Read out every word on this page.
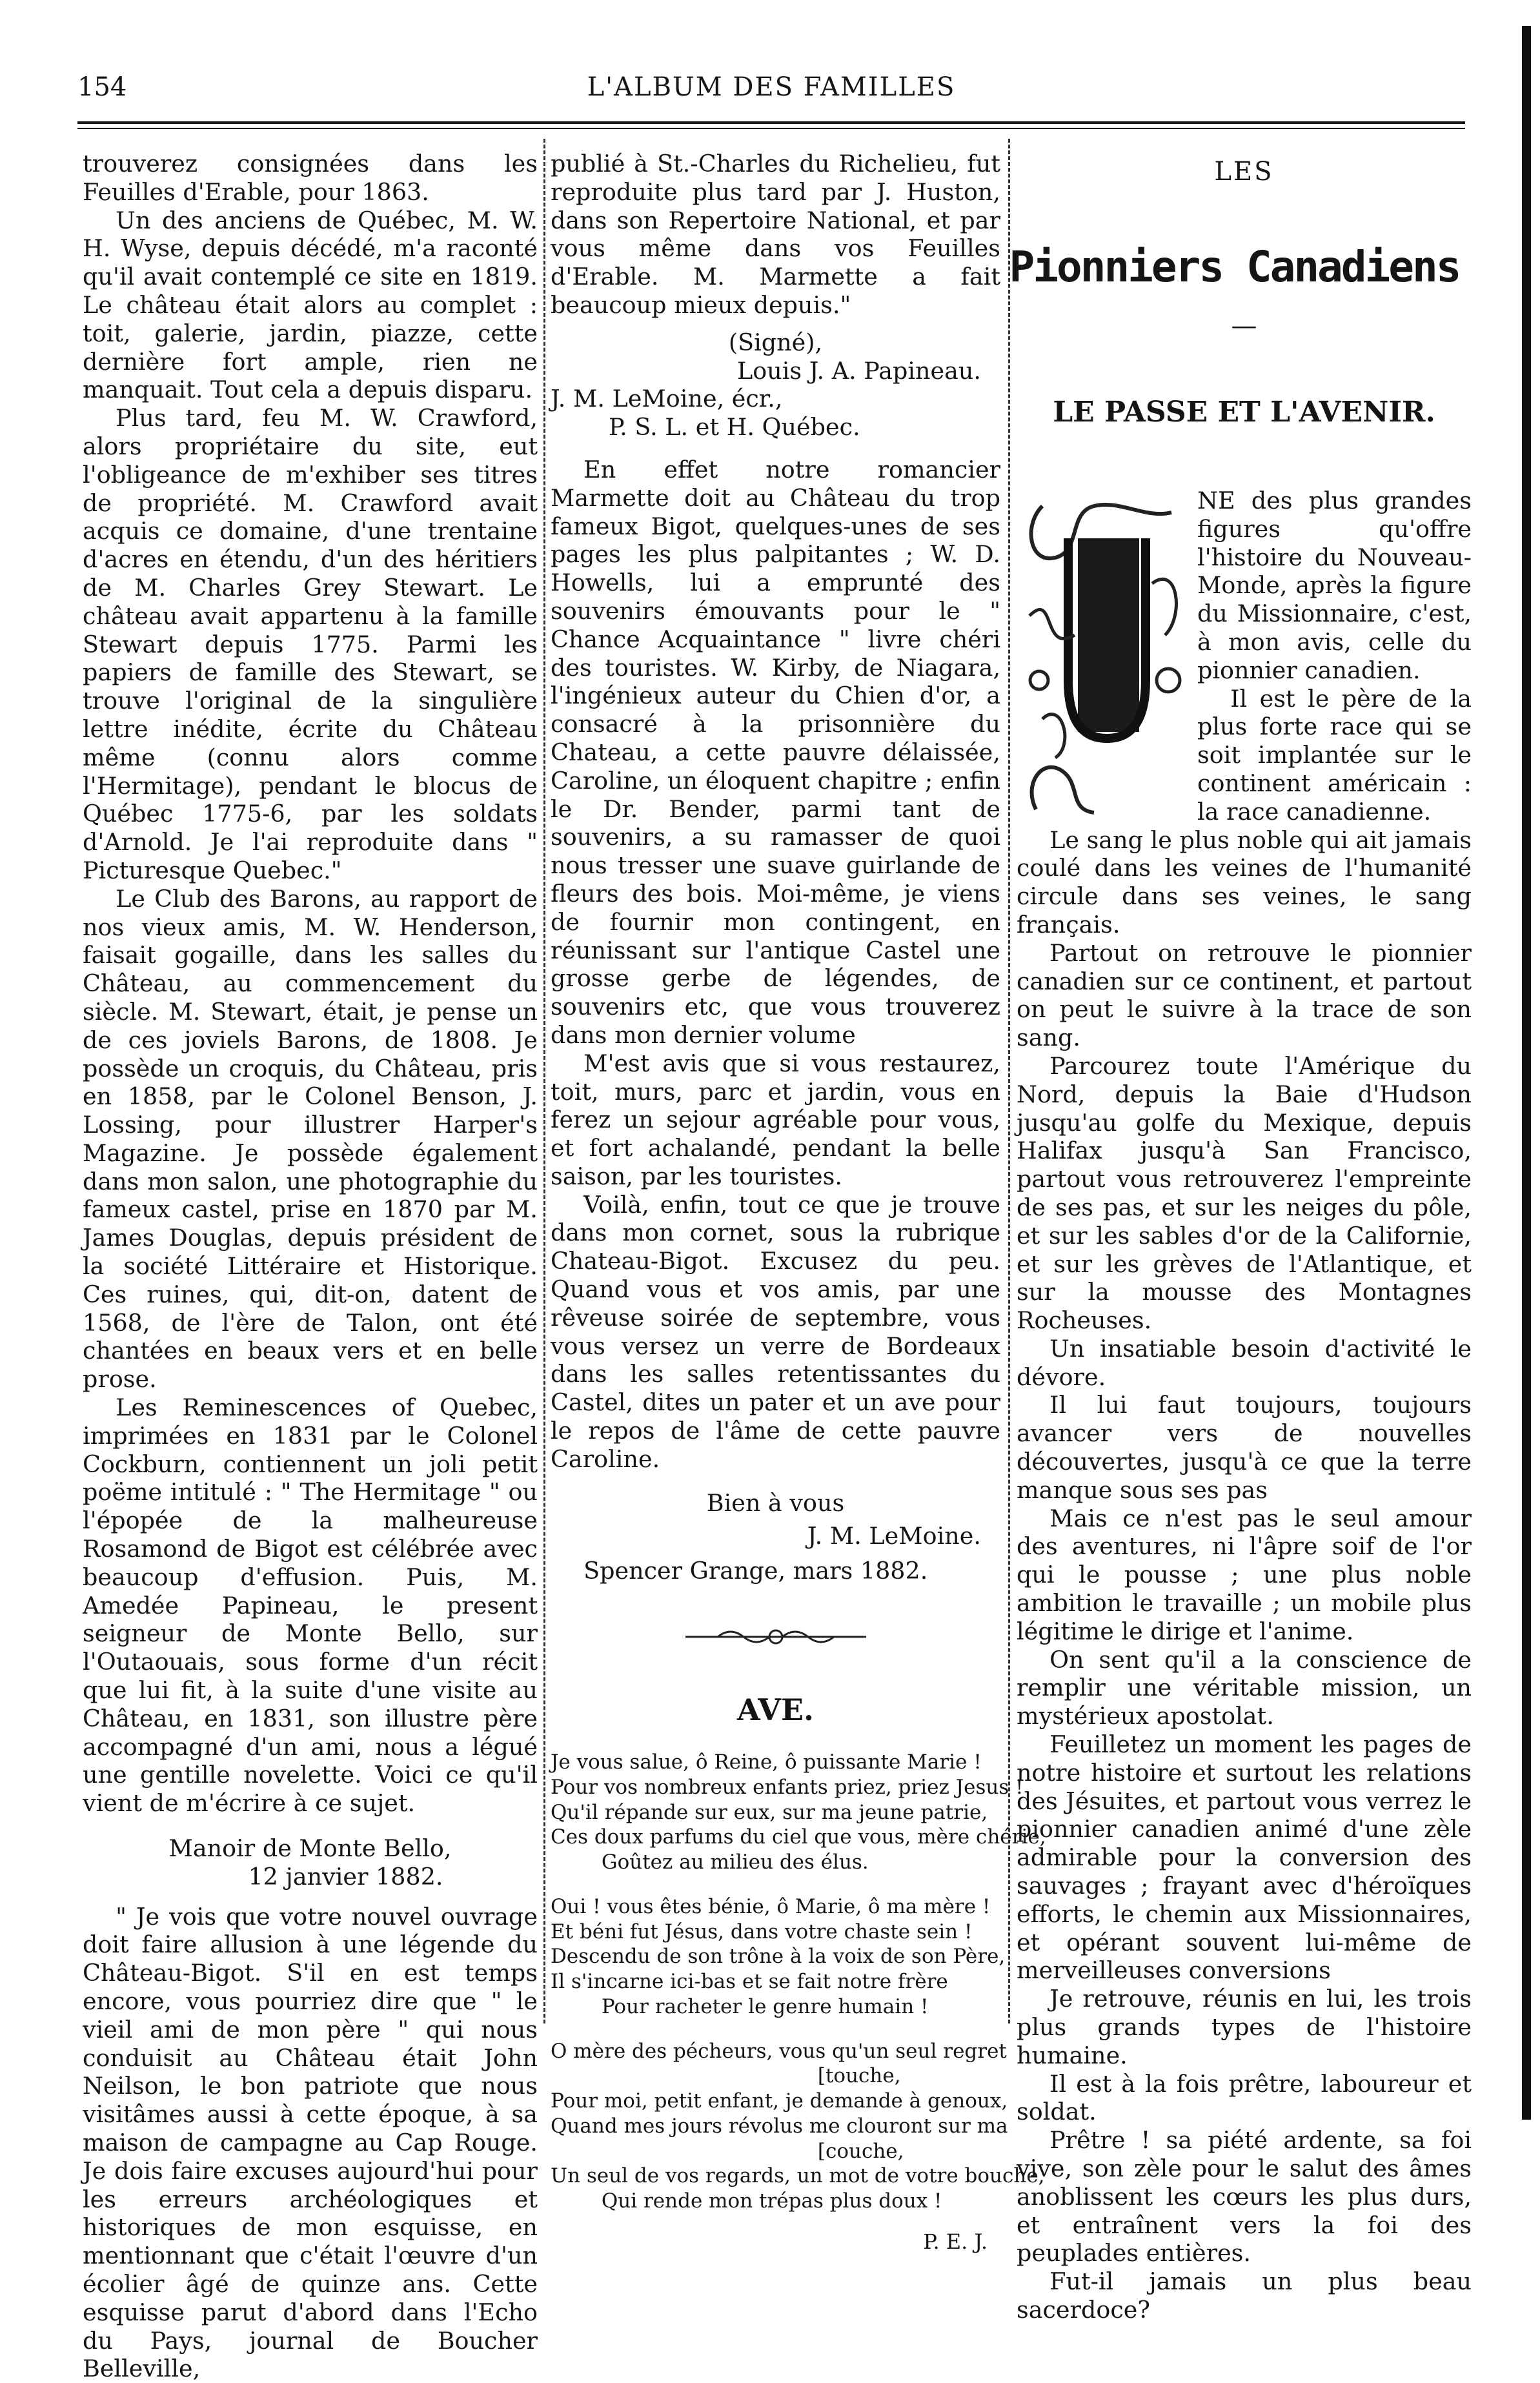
154	L'ALBUM DES FAMILLES

trouverez consignées dans les Feuilles d'Erable, pour 1863.

Un des anciens de Québec, M. W. H. Wyse, depuis décédé, m'a raconté qu'il avait contemplé ce site en 1819. Le château était alors au complet : toit, galerie, jardin, piazze, cette dernière fort ample, rien ne manquait. Tout cela a depuis disparu.

Plus tard, feu M. W. Crawford, alors propriétaire du site, eut l'obligeance de m'exhiber ses titres de propriété. M. Crawford avait acquis ce domaine, d'une trentaine d'acres en étendu, d'un des héritiers de M. Charles Grey Stewart. Le château avait appartenu à la famille Stewart depuis 1775. Parmi les papiers de famille des Stewart, se trouve l'original de la singulière lettre inédite, écrite du Château même (connu alors comme l'Hermitage), pendant le blocus de Québec 1775-6, par les soldats d'Arnold. Je l'ai reproduite dans " Picturesque Quebec."

Le Club des Barons, au rapport de nos vieux amis, M. W. Henderson, faisait gogaille, dans les salles du Château, au commencement du siècle. M. Stewart, était, je pense un de ces joviels Barons, de 1808. Je possède un croquis, du Château, pris en 1858, par le Colonel Benson, J. Lossing, pour illustrer Harper's Magazine. Je possède également dans mon salon, une photographie du fameux castel, prise en 1870 par M. James Douglas, depuis président de la société Littéraire et Historique. Ces ruines, qui, dit-on, datent de 1568, de l'ère de Talon, ont été chantées en beaux vers et en belle prose.

Les Reminescences of Quebec, imprimées en 1831 par le Colonel Cockburn, contiennent un joli petit poëme intitulé : " The Hermitage " ou l'épopée de la malheureuse Rosamond de Bigot est célébrée avec beaucoup d'effusion. Puis, M. Amedée Papineau, le present seigneur de Monte Bello, sur l'Outaouais, sous forme d'un récit que lui fit, à la suite d'une visite au Château, en 1831, son illustre père accompagné d'un ami, nous a légué une gentille novelette. Voici ce qu'il vient de m'écrire à ce sujet.

Manoir de Monte Bello,

12 janvier 1882.

" Je vois que votre nouvel ouvrage doit faire allusion à une légende du Château-Bigot. S'il en est temps encore, vous pourriez dire que " le vieil ami de mon père " qui nous conduisit au Château était John Neilson, le bon patriote que nous visitâmes aussi à cette époque, à sa maison de campagne au Cap Rouge. Je dois faire excuses aujourd'hui pour les erreurs archéologiques et historiques de mon esquisse, en mentionnant que c'était l'œuvre d'un écolier âgé de quinze ans. Cette esquisse parut d'abord dans l'Echo du Pays, journal de Boucher Belleville,

publié à St.-Charles du Richelieu, fut reproduite plus tard par J. Huston, dans son Repertoire National, et par vous même dans vos Feuilles d'Erable. M. Marmette a fait beaucoup mieux depuis."

(Signé),

Louis J. A. Papineau.

J. M. LeMoine, écr.,

P. S. L. et H. Québec.

En effet notre romancier Marmette doit au Château du trop fameux Bigot, quelques-unes de ses pages les plus palpitantes ; W. D. Howells, lui a emprunté des souvenirs émouvants pour le " Chance Acquaintance " livre chéri des touristes. W. Kirby, de Niagara, l'ingénieux auteur du Chien d'or, a consacré à la prisonnière du Chateau, a cette pauvre délaissée, Caroline, un éloquent chapitre ; enfin le Dr. Bender, parmi tant de souvenirs, a su ramasser de quoi nous tresser une suave guirlande de fleurs des bois. Moi-même, je viens de fournir mon contingent, en réunissant sur l'antique Castel une grosse gerbe de légendes, de souvenirs etc, que vous trouverez dans mon dernier volume

M'est avis que si vous restaurez, toit, murs, parc et jardin, vous en ferez un sejour agréable pour vous, et fort achalandé, pendant la belle saison, par les touristes.

Voilà, enfin, tout ce que je trouve dans mon cornet, sous la rubrique Chateau-Bigot. Excusez du peu. Quand vous et vos amis, par une rêveuse soirée de septembre, vous vous versez un verre de Bordeaux dans les salles retentissantes du Castel, dites un pater et un ave pour le repos de l'âme de cette pauvre Caroline.

Bien à vous

J. M. LeMoine.

Spencer Grange, mars 1882.

AVE.
Je vous salue, ô Reine, ô puissante Marie !
Pour vos nombreux enfants priez, priez Jesus !
Qu'il répande sur eux, sur ma jeune patrie,
Ces doux parfums du ciel que vous, mère chérie,
Goûtez au milieu des élus.
Oui ! vous êtes bénie, ô Marie, ô ma mère !
Et béni fut Jésus, dans votre chaste sein !
Descendu de son trône à la voix de son Père,
Il s'incarne ici-bas et se fait notre frère
Pour racheter le genre humain !
O mère des pécheurs, vous qu'un seul regret
[touche,
Pour moi, petit enfant, je demande à genoux,
Quand mes jours révolus me clouront sur ma
[couche,
Un seul de vos regards, un mot de votre bouche,
Qui rende mon trépas plus doux !

P. E. J.

LES
Pionniers Canadiens
—
LE PASSE ET L'AVENIR.

NE des plus grandes figures qu'offre l'histoire du Nouveau-Monde, après la figure du Missionnaire, c'est, à mon avis, celle du pionnier canadien.

Il est le père de la plus forte race qui se soit implantée sur le continent américain : la race canadienne.

Le sang le plus noble qui ait jamais coulé dans les veines de l'humanité circule dans ses veines, le sang français.

Partout on retrouve le pionnier canadien sur ce continent, et partout on peut le suivre à la trace de son sang.

Parcourez toute l'Amérique du Nord, depuis la Baie d'Hudson jusqu'au golfe du Mexique, depuis Halifax jusqu'à San Francisco, partout vous retrouverez l'empreinte de ses pas, et sur les neiges du pôle, et sur les sables d'or de la Californie, et sur les grèves de l'Atlantique, et sur la mousse des Montagnes Rocheuses.

Un insatiable besoin d'activité le dévore.

Il lui faut toujours, toujours avancer vers de nouvelles découvertes, jusqu'à ce que la terre manque sous ses pas

Mais ce n'est pas le seul amour des aventures, ni l'âpre soif de l'or qui le pousse ; une plus noble ambition le travaille ; un mobile plus légitime le dirige et l'anime.

On sent qu'il a la conscience de remplir une véritable mission, un mystérieux apostolat.

Feuilletez un moment les pages de notre histoire et surtout les relations des Jésuites, et partout vous verrez le pionnier canadien animé d'une zèle admirable pour la conversion des sauvages ; frayant avec d'héroïques efforts, le chemin aux Missionnaires, et opérant souvent lui-même de merveilleuses conversions

Je retrouve, réunis en lui, les trois plus grands types de l'histoire humaine.

Il est à la fois prêtre, laboureur et soldat.

Prêtre ! sa piété ardente, sa foi vive, son zèle pour le salut des âmes anoblissent les cœurs les plus durs, et entraînent vers la foi des peuplades entières.

Fut-il jamais un plus beau sacerdoce?
